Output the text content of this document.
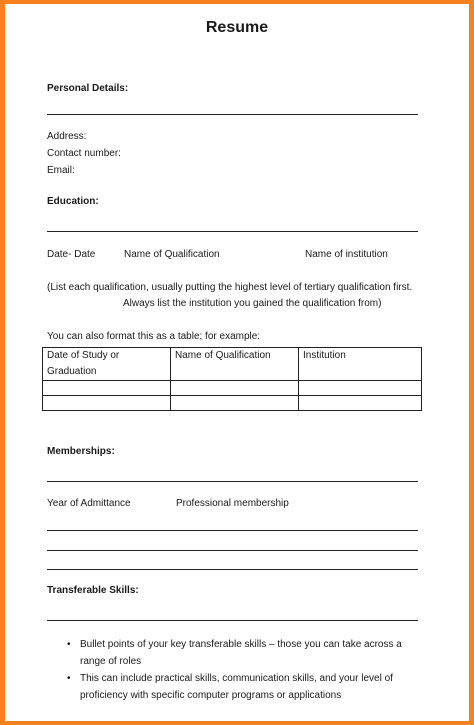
Resume
Personal Details:
Address:
Contact number:
Email:
Education:
Date- Date	Name of Qualification	Name of institution
(List each qualification, usually putting the highest level of tertiary qualification first.
Always list the institution you gained the qualification from)
You can also format this as a table; for example:
Date of Study or Graduation	Name of Qualification	Institution

Memberships:
Year of Admittance	Professional membership
Transferable Skills:
• Bullet points of your key transferable skills – those you can take across a range of roles
• This can include practical skills, communication skills, and your level of proficiency with specific computer programs or applications
